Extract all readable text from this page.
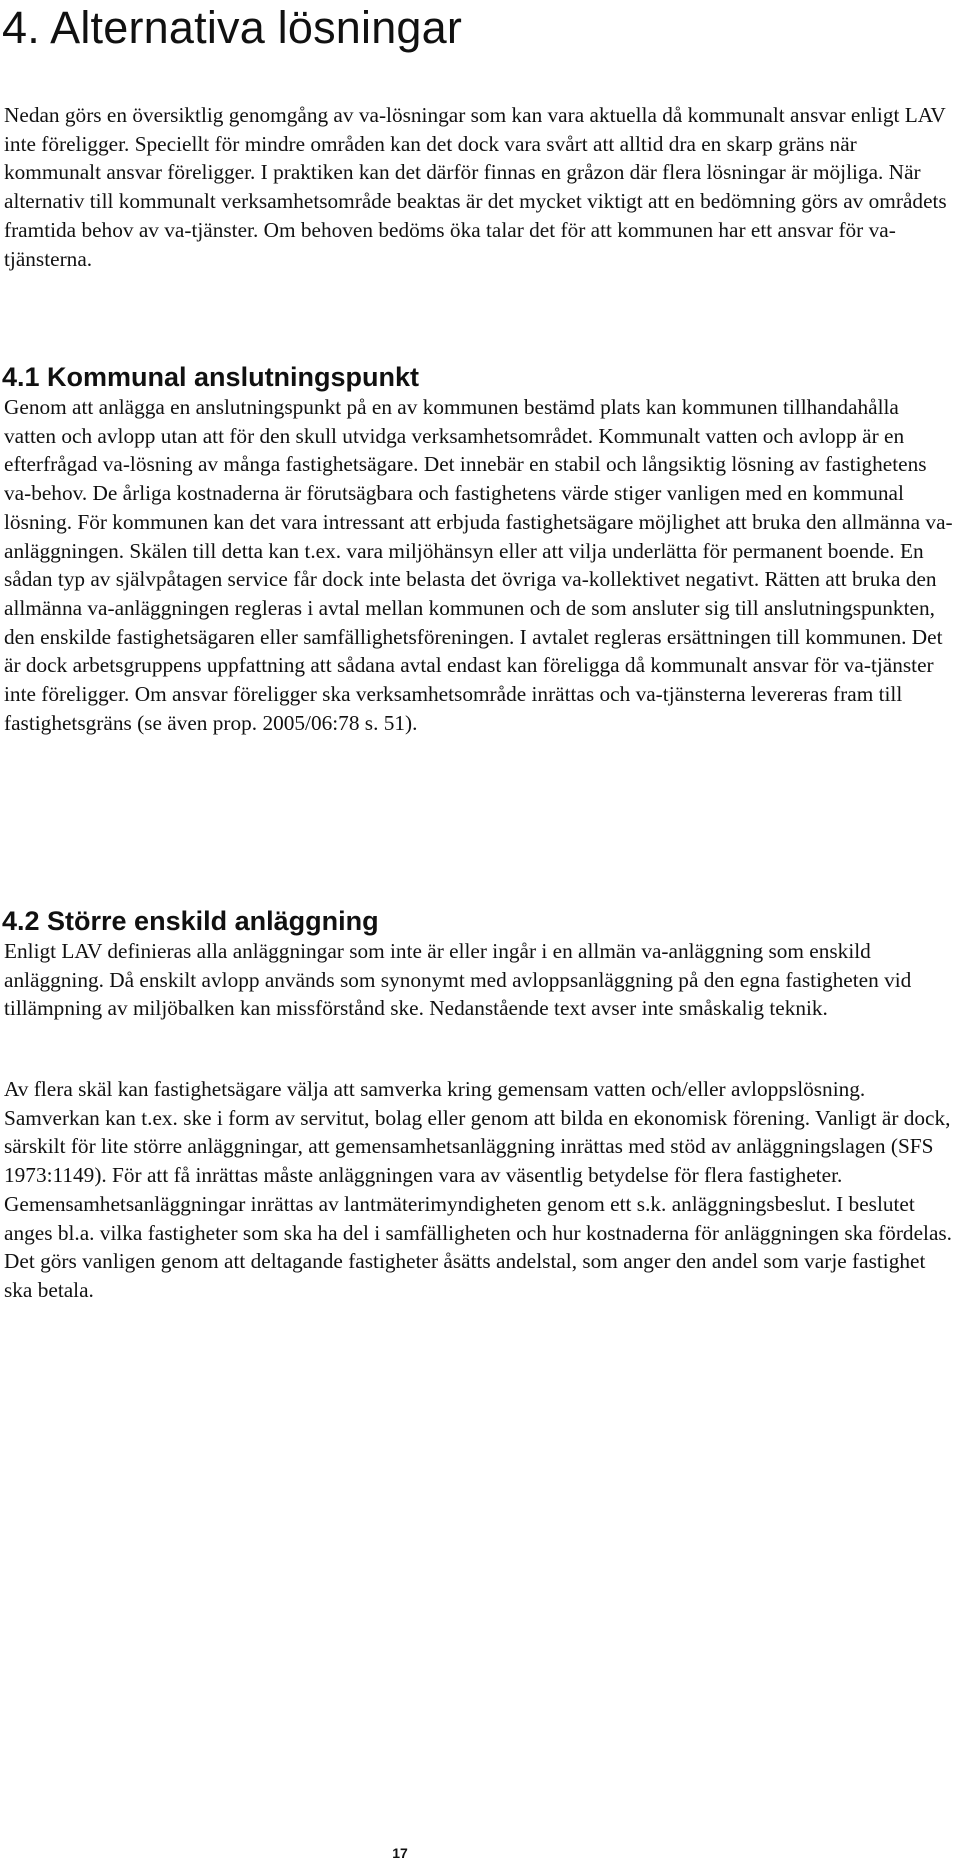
4. Alternativa lösningar

Nedan görs en översiktlig genomgång av va-lösningar som kan vara aktuella då kommunalt ansvar enligt LAV inte föreligger. Speciellt för mindre områden kan det dock vara svårt att alltid dra en skarp gräns när kommunalt ansvar föreligger. I praktiken kan det därför finnas en gråzon där flera lösningar är möjliga. När alternativ till kommunalt verksamhetsområde beaktas är det mycket viktigt att en bedömning görs av områdets framtida behov av va-tjänster. Om behoven bedöms öka talar det för att kommunen har ett ansvar för va-tjänsterna.

4.1 Kommunal anslutningspunkt

Genom att anlägga en anslutningspunkt på en av kommunen bestämd plats kan kommunen tillhandahålla vatten och avlopp utan att för den skull utvidga verksamhetsområdet. Kommunalt vatten och avlopp är en efterfrågad va-lösning av många fastighetsägare. Det innebär en stabil och långsiktig lösning av fastighetens va-behov. De årliga kostnaderna är förutsägbara och fastighetens värde stiger vanligen med en kommunal lösning. För kommunen kan det vara intressant att erbjuda fastighetsägare möjlighet att bruka den allmänna va-anläggningen. Skälen till detta kan t.ex. vara miljöhänsyn eller att vilja underlätta för permanent boende. En sådan typ av självpåtagen service får dock inte belasta det övriga va-kollektivet negativt. Rätten att bruka den allmänna va-anläggningen regleras i avtal mellan kommunen och de som ansluter sig till anslutningspunkten, den enskilde fastighetsägaren eller samfällighetsföreningen. I avtalet regleras ersättningen till kommunen. Det är dock arbetsgruppens uppfattning att sådana avtal endast kan föreligga då kommunalt ansvar för va-tjänster inte föreligger. Om ansvar föreligger ska verksamhetsområde inrättas och va-tjänsterna levereras fram till fastighetsgräns (se även prop. 2005/06:78 s. 51).

4.2 Större enskild anläggning

Enligt LAV definieras alla anläggningar som inte är eller ingår i en allmän va-anläggning som enskild anläggning. Då enskilt avlopp används som synonymt med avloppsanläggning på den egna fastigheten vid tillämpning av miljöbalken kan missförstånd ske. Nedanstående text avser inte småskalig teknik.

Av flera skäl kan fastighetsägare välja att samverka kring gemensam vatten och/eller avloppslösning. Samverkan kan t.ex. ske i form av servitut, bolag eller genom att bilda en ekonomisk förening. Vanligt är dock, särskilt för lite större anläggningar, att gemensamhetsanläggning inrättas med stöd av anläggningslagen (SFS 1973:1149). För att få inrättas måste anläggningen vara av väsentlig betydelse för flera fastigheter. Gemensamhetsanläggningar inrättas av lantmäterimyndigheten genom ett s.k. anläggningsbeslut. I beslutet anges bl.a. vilka fastigheter som ska ha del i samfälligheten och hur kostnaderna för anläggningen ska fördelas. Det görs vanligen genom att deltagande fastigheter åsätts andelstal, som anger den andel som varje fastighet ska betala.

17
